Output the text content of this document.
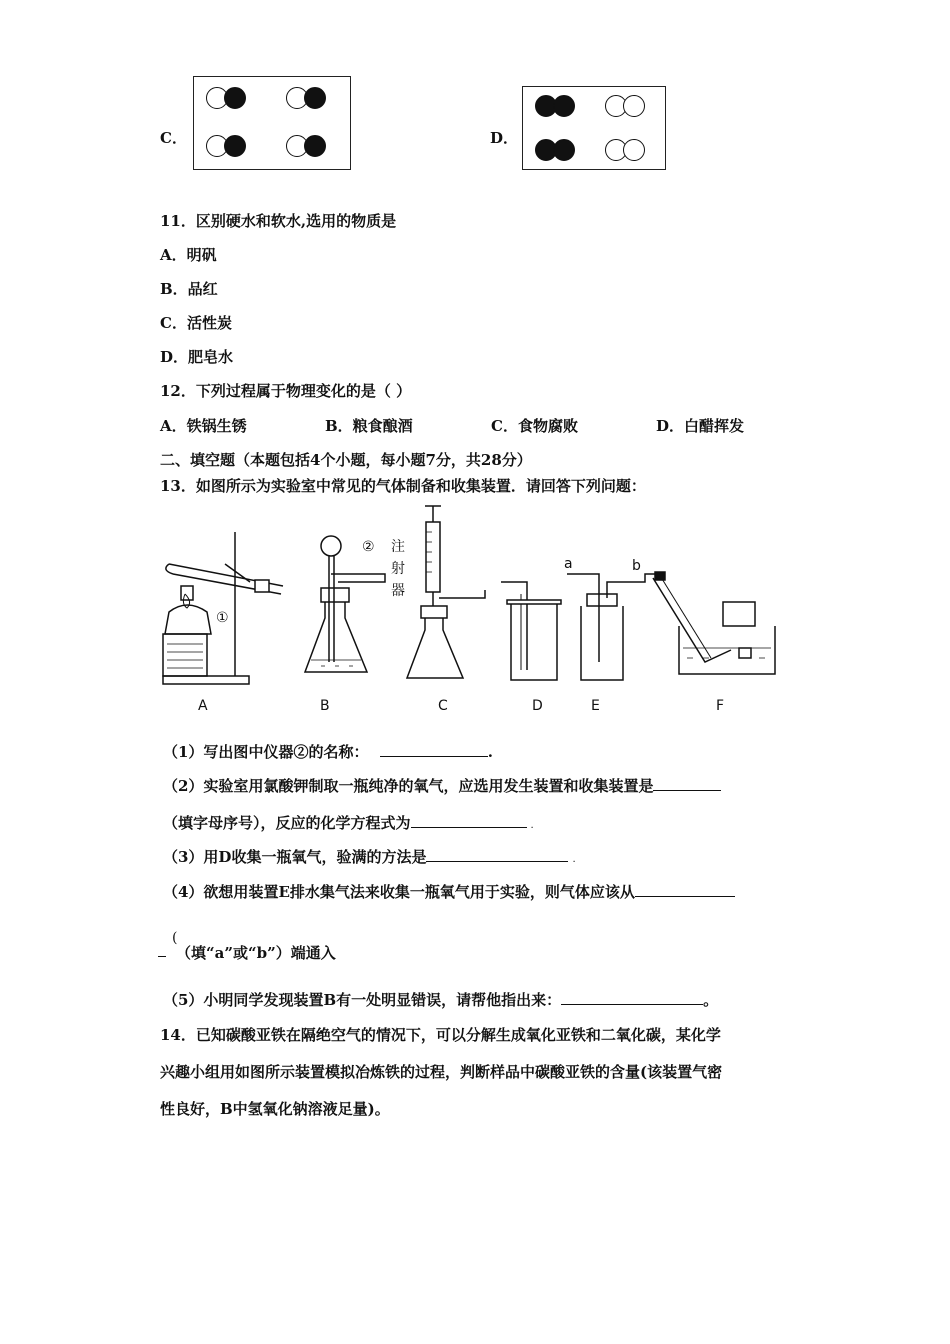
C．	D．
11．区别硬水和软水,选用的物质是
A．明矾
B．品红
C．活性炭
D．肥皂水
12．下列过程属于物理变化的是（ ）
A．铁锅生锈	B．粮食酿酒	C．食物腐败	D．白醋挥发
二、填空题（本题包括4个小题，每小题7分，共28分）
13．如图所示为实验室中常见的气体制备和收集装置．请回答下列问题：
①
② 注
射
器
a	b
A	B	C	D	E	F
（1）写出图中仪器②的名称：	.
（2）实验室用氯酸钾制取一瓶纯净的氧气，应选用发生装置和收集装置是
（填字母序号），反应的化学方程式为	.
（3）用D收集一瓶氧气，验满的方法是	.
（4）欲想用装置E排水集气法来收集一瓶氧气用于实验，则气体应该从
(
（填“a”或“b”）端通入
（5）小明同学发现装置B有一处明显错误，请帮他指出来：	。
14．已知碳酸亚铁在隔绝空气的情况下，可以分解生成氧化亚铁和二氧化碳，某化学
兴趣小组用如图所示装置模拟冶炼铁的过程，判断样品中碳酸亚铁的含量(该装置气密
性良好，B中氢氧化钠溶液足量)。
